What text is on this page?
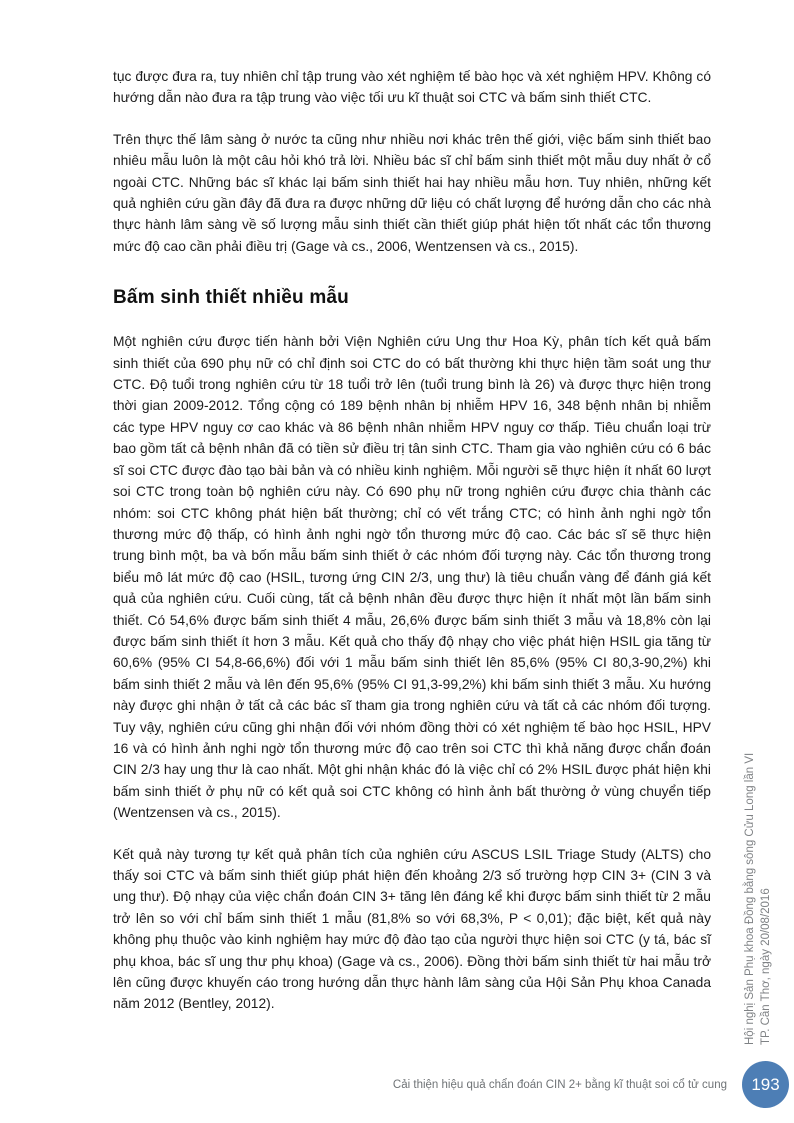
tục được đưa ra, tuy nhiên chỉ tập trung vào xét nghiệm tế bào học và xét nghiệm HPV. Không có hướng dẫn nào đưa ra tập trung vào việc tối ưu kĩ thuật soi CTC và bấm sinh thiết CTC.

Trên thực thế lâm sàng ở nước ta cũng như nhiều nơi khác trên thế giới, việc bấm sinh thiết bao nhiêu mẫu luôn là một câu hỏi khó trả lời. Nhiều bác sĩ chỉ bấm sinh thiết một mẫu duy nhất ở cổ ngoài CTC. Những bác sĩ khác lại bấm sinh thiết hai hay nhiều mẫu hơn. Tuy nhiên, những kết quả nghiên cứu gần đây đã đưa ra được những dữ liệu có chất lượng để hướng dẫn cho các nhà thực hành lâm sàng về số lượng mẫu sinh thiết cần thiết giúp phát hiện tốt nhất các tổn thương mức độ cao cần phải điều trị (Gage và cs., 2006, Wentzensen và cs., 2015).

Bấm sinh thiết nhiều mẫu

Một nghiên cứu được tiến hành bởi Viện Nghiên cứu Ung thư Hoa Kỳ, phân tích kết quả bấm sinh thiết của 690 phụ nữ có chỉ định soi CTC do có bất thường khi thực hiện tầm soát ung thư CTC. Độ tuổi trong nghiên cứu từ 18 tuổi trở lên (tuổi trung bình là 26) và được thực hiện trong thời gian 2009-2012. Tổng cộng có 189 bệnh nhân bị nhiễm HPV 16, 348 bệnh nhân bị nhiễm các type HPV nguy cơ cao khác và 86 bệnh nhân nhiễm HPV nguy cơ thấp. Tiêu chuẩn loại trừ bao gồm tất cả bệnh nhân đã có tiền sử điều trị tân sinh CTC. Tham gia vào nghiên cứu có 6 bác sĩ soi CTC được đào tạo bài bản và có nhiều kinh nghiệm. Mỗi người sẽ thực hiện ít nhất 60 lượt soi CTC trong toàn bộ nghiên cứu này. Có 690 phụ nữ trong nghiên cứu được chia thành các nhóm: soi CTC không phát hiện bất thường; chỉ có vết trắng CTC; có hình ảnh nghi ngờ tổn thương mức độ thấp, có hình ảnh nghi ngờ tổn thương mức độ cao. Các bác sĩ sẽ thực hiện trung bình một, ba và bốn mẫu bấm sinh thiết ở các nhóm đối tượng này. Các tổn thương trong biểu mô lát mức độ cao (HSIL, tương ứng CIN 2/3, ung thư) là tiêu chuẩn vàng để đánh giá kết quả của nghiên cứu. Cuối cùng, tất cả bệnh nhân đều được thực hiện ít nhất một lần bấm sinh thiết. Có 54,6% được bấm sinh thiết 4 mẫu, 26,6% được bấm sinh thiết 3 mẫu và 18,8% còn lại được bấm sinh thiết ít hơn 3 mẫu. Kết quả cho thấy độ nhạy cho việc phát hiện HSIL gia tăng từ 60,6% (95% CI 54,8-66,6%) đối với 1 mẫu bấm sinh thiết lên 85,6% (95% CI 80,3-90,2%) khi bấm sinh thiết 2 mẫu và lên đến 95,6% (95% CI 91,3-99,2%) khi bấm sinh thiết 3 mẫu. Xu hướng này được ghi nhận ở tất cả các bác sĩ tham gia trong nghiên cứu và tất cả các nhóm đối tượng. Tuy vậy, nghiên cứu cũng ghi nhận đối với nhóm đồng thời có xét nghiệm tế bào học HSIL, HPV 16 và có hình ảnh nghi ngờ tổn thương mức độ cao trên soi CTC thì khả năng được chẩn đoán CIN 2/3 hay ung thư là cao nhất. Một ghi nhận khác đó là việc chỉ có 2% HSIL được phát hiện khi bấm sinh thiết ở phụ nữ có kết quả soi CTC không có hình ảnh bất thường ở vùng chuyển tiếp (Wentzensen và cs., 2015).

Kết quả này tương tự kết quả phân tích của nghiên cứu ASCUS LSIL Triage Study (ALTS) cho thấy soi CTC và bấm sinh thiết giúp phát hiện đến khoảng 2/3 số trường hợp CIN 3+ (CIN 3 và ung thư). Độ nhạy của việc chẩn đoán CIN 3+ tăng lên đáng kể khi được bấm sinh thiết từ 2 mẫu trở lên so với chỉ bấm sinh thiết 1 mẫu (81,8% so với 68,3%, P < 0,01); đặc biệt, kết quả này không phụ thuộc vào kinh nghiệm hay mức độ đào tạo của người thực hiện soi CTC (y tá, bác sĩ phụ khoa, bác sĩ ung thư phụ khoa) (Gage và cs., 2006). Đồng thời bấm sinh thiết từ hai mẫu trở lên cũng được khuyến cáo trong hướng dẫn thực hành lâm sàng của Hội Sản Phụ khoa Canada năm 2012 (Bentley, 2012).	Hội nghị Sản Phụ khoa Đồng bằng sông Cửu Long lần VI TP. Cần Thơ, ngày 20/08/2016
Cải thiện hiệu quả chẩn đoán CIN 2+ bằng kĩ thuật soi cổ tử cung	193
